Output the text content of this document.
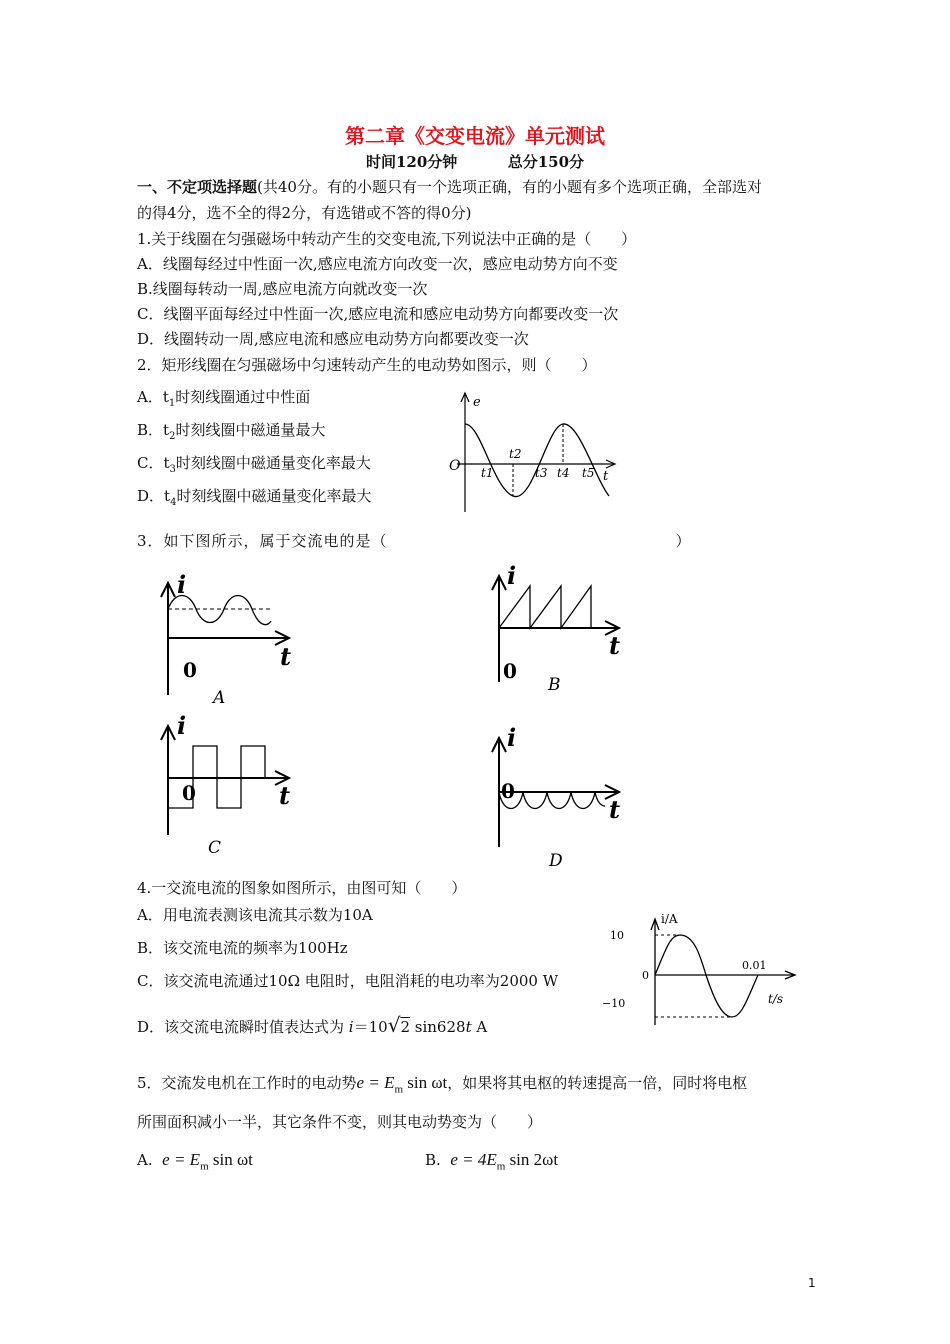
第二章《交变电流》单元测试
时间120分钟	总分150分
一、不定项选择题(共40分。有的小题只有一个选项正确，有的小题有多个选项正确，全部选对
的得4分，选不全的得2分，有选错或不答的得0分)
1.关于线圈在匀强磁场中转动产生的交变电流,下列说法中正确的是（　　）
A．线圈每经过中性面一次,感应电流方向改变一次，感应电动势方向不变
B.线圈每转动一周,感应电流方向就改变一次
C．线圈平面每经过中性面一次,感应电流和感应电动势方向都要改变一次
D．线圈转动一周,感应电流和感应电动势方向都要改变一次
2．矩形线圈在匀强磁场中匀速转动产生的电动势如图示，则（　　）
A．$t_1$时刻线圈通过中性面
B．$t_2$时刻线圈中磁通量最大
C．$t_3$时刻线圈中磁通量变化率最大
D．$t_4$时刻线圈中磁通量变化率最大
e
O
t
t1
t2
t3 t4 t5
3．如下图所示，属于交流电的是（　　　　　　　　　　　　　　　　　　）
i
t
0
A
i
t
0
B
i
t
0
C
i
t
0
D
4.一交流电流的图象如图所示，由图可知（　　）
A．用电流表测该电流其示数为10A
B．该交流电流的频率为100Hz
C．该交流电流通过10Ω 电阻时，电阻消耗的电功率为2000 W
D．该交流电流瞬时值表达式为 i＝10√2 sin628t A
i/A
10
0
0.01
−10	t/s
5．交流发电机在工作时的电动势$e = E_m$ sin ωt，如果将其电枢的转速提高一倍，同时将电枢
所围面积减小一半，其它条件不变，则其电动势变为（　　）
A. $e = E_m$ sin ωt	B. $e = 4E_m$ sin 2ωt
1
